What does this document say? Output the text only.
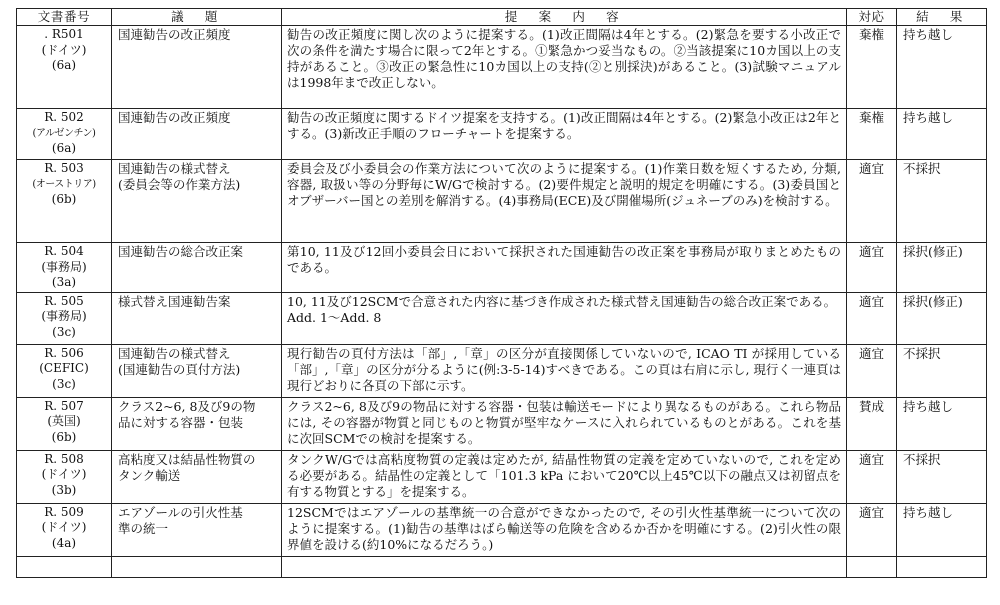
文書番号	議　題	提　案　内　容	対応	結　果

. R501
(ドイツ)
(6a)	国連勧告の改正頻度	勧告の改正頻度に関し次のように提案する。(1)改正間隔は4年とする。(2)緊急を要する小改正で次の条件を満たす場合に限って2年とする。①緊急かつ妥当なもの。②当該提案に10カ国以上の支持があること。③改正の緊急性に10カ国以上の支持(②と別採決)があること。(3)試験マニュアルは1998年まで改正しない。	棄権	持ち越し

R. 502
(アルゼンチン)
(6a)	国連勧告の改正頻度	勧告の改正頻度に関するドイツ提案を支持する。(1)改正間隔は4年とする。(2)緊急小改正は2年とする。(3)新改正手順のフローチャートを提案する。	棄権	持ち越し

R. 503
(オーストリア)
(6b)	国連勧告の様式替え
(委員会等の作業方法)	委員会及び小委員会の作業方法について次のように提案する。(1)作業日数を短くするため, 分類, 容器, 取扱い等の分野毎にW/Gで検討する。(2)要件規定と説明的規定を明確にする。(3)委員国とオブザーバー国との差別を解消する。(4)事務局(ECE)及び開催場所(ジュネーブのみ)を検討する。	適宜	不採択

R. 504
(事務局)
(3a)	国連勧告の総合改正案	第10, 11及び12回小委員会日において採択された国連勧告の改正案を事務局が取りまとめたものである。	適宜	採択(修正)

R. 505
(事務局)
(3c)	様式替え国連勧告案	10, 11及び12SCMで合意された内容に基づき作成された様式替え国連勧告の総合改正案である。
Add. 1～Add. 8	適宜	採択(修正)

R. 506
(CEFIC)
(3c)	国連勧告の様式替え
(国連勧告の頁付方法)	現行勧告の頁付方法は「部」,「章」の区分が直接関係していないので, ICAO TI が採用している「部」,「章」の区分が分るように(例:3-5-14)すべきである。この頁は右肩に示し, 現行く一連頁は現行どおりに各頁の下部に示す。	適宜	不採択

R. 507
(英国)
(6b)	クラス2~6, 8及び9の物
品に対する容器・包装	クラス2~6, 8及び9の物品に対する容器・包装は輸送モードにより異なるものがある。これら物品には, その容器が物質と同じものと物質が堅牢なケースに入れられているものとがある。これを基に次回SCMでの検討を提案する。	賛成	持ち越し

R. 508
(ドイツ)
(3b)	高粘度又は結晶性物質の
タンク輸送	タンクW/Gでは高粘度物質の定義は定めたが, 結晶性物質の定義を定めていないので, これを定める必要がある。結晶性の定義として「101.3 kPa において20℃以上45℃以下の融点又は初留点を有する物質とする」を提案する。	適宜	不採択

R. 509
(ドイツ)
(4a)	エアゾールの引火性基
準の統一	12SCMではエアゾールの基準統一の合意ができなかったので, その引火性基準統一について次のように提案する。(1)勧告の基準はばら輸送等の危険を含めるか否かを明確にする。(2)引火性の限界値を設ける(約10%になるだろう。)	適宜	持ち越し
